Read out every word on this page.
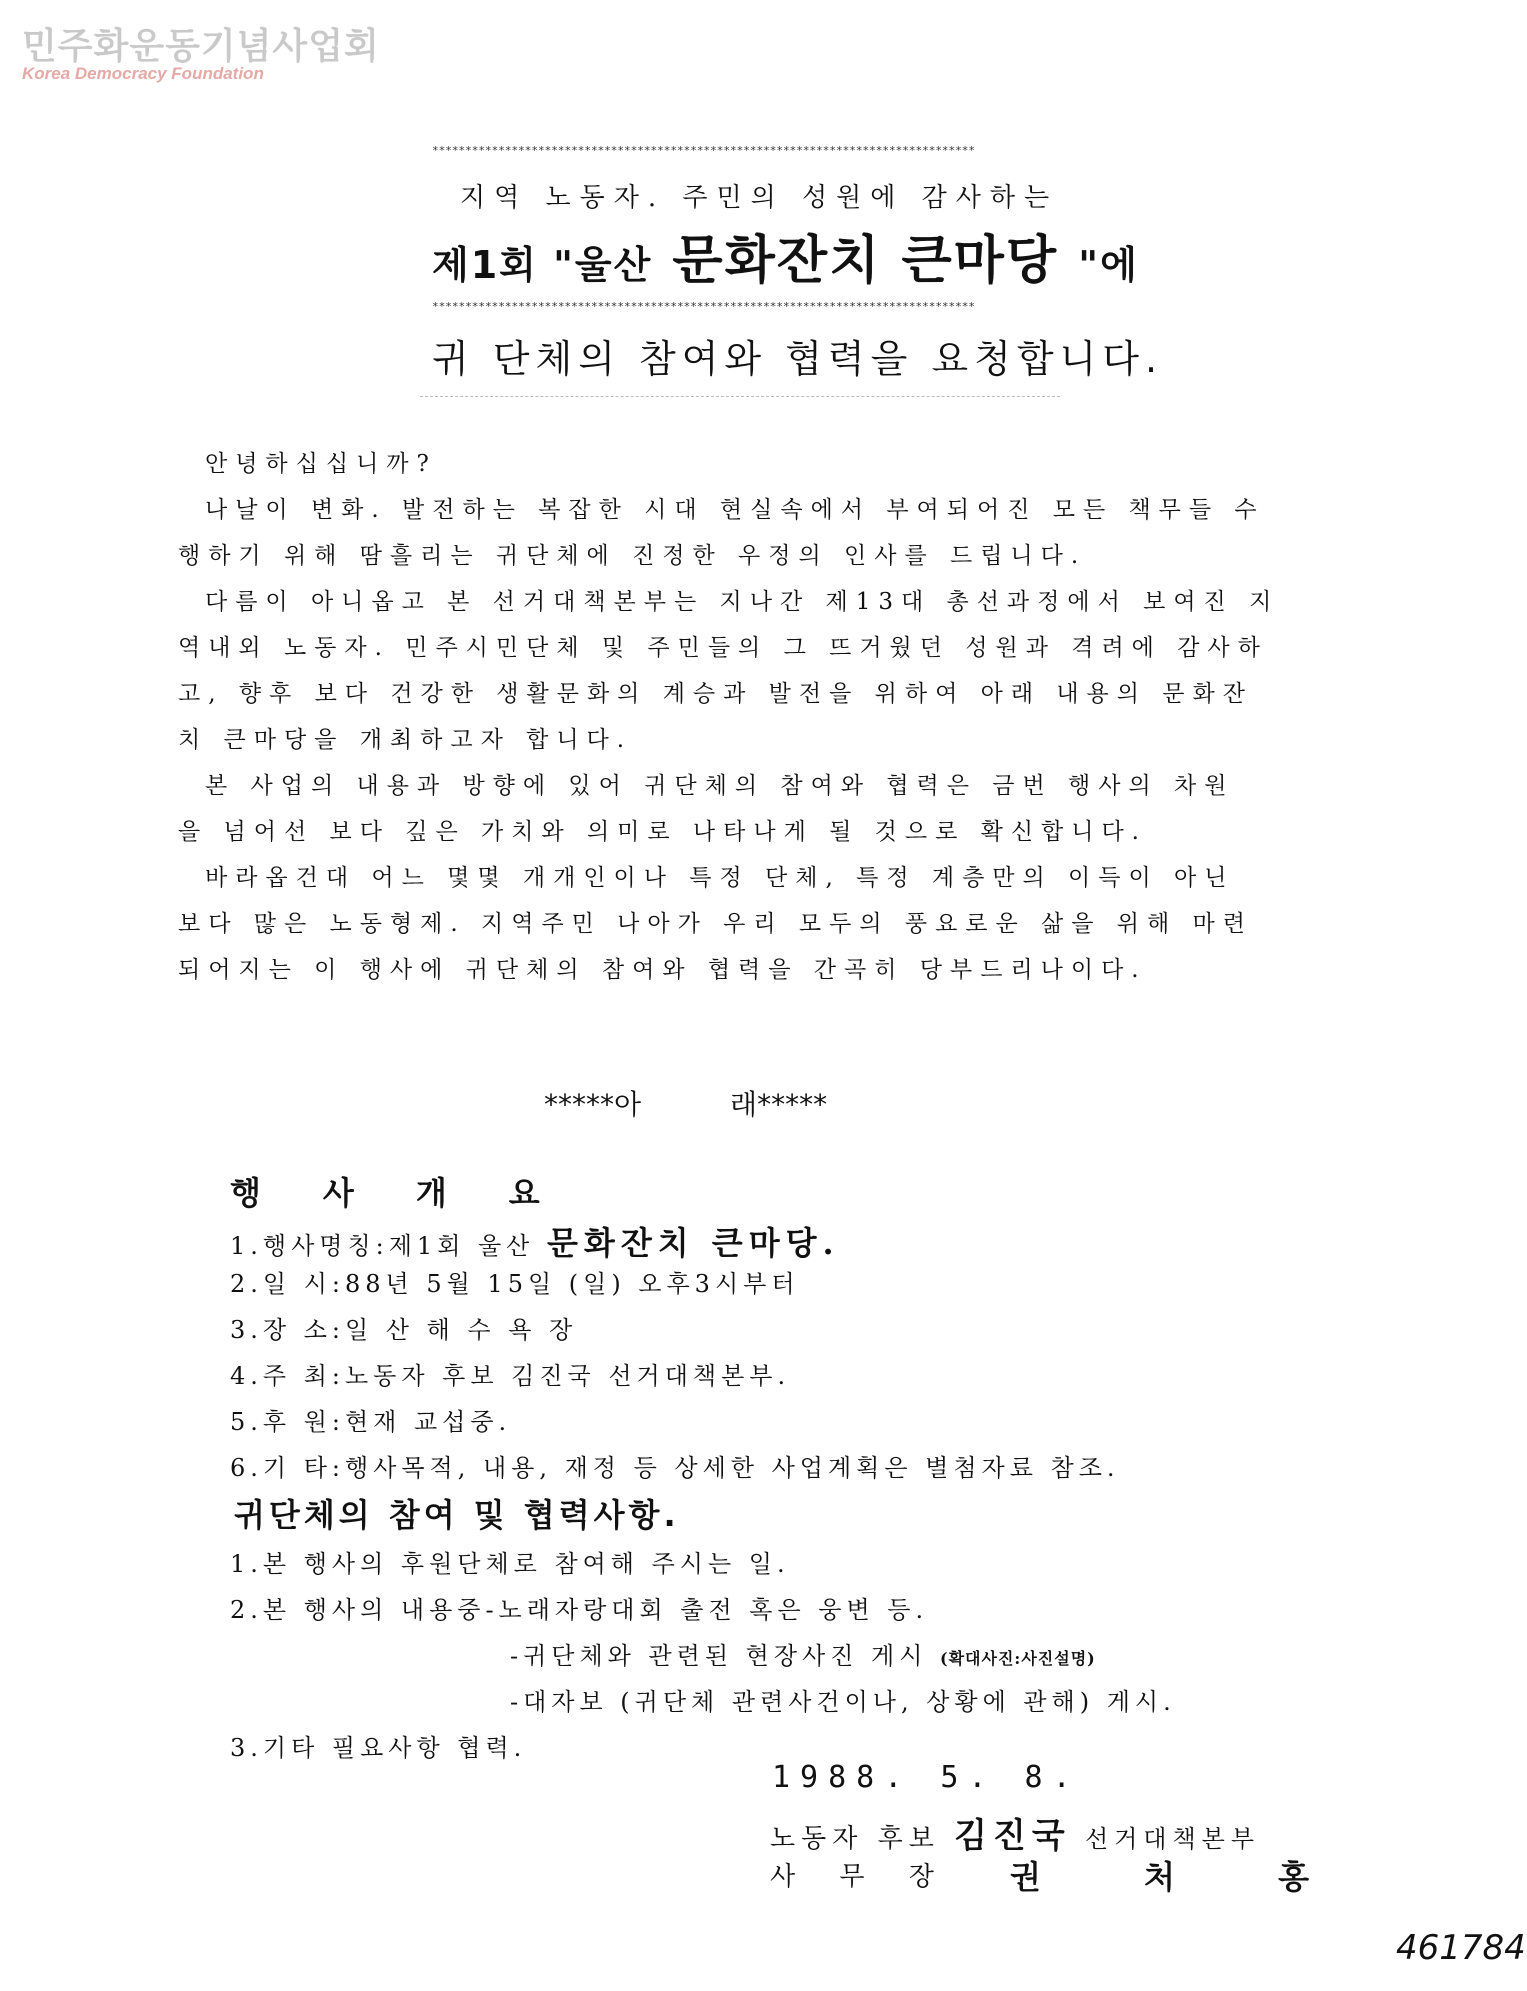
민주화운동기념사업회
Korea Democracy Foundation
**********************************************************************************
지역 노동자. 주민의 성원에 감사하는
제1회 "울산 문화잔치 큰마당 "에
**********************************************************************************
귀 단체의 참여와 협력을 요청합니다.
안녕하십십니까?
나날이 변화. 발전하는 복잡한 시대 현실속에서 부여되어진 모든 책무들 수
행하기 위해 땀흘리는 귀단체에 진정한 우정의 인사를 드립니다.
다름이 아니옵고 본 선거대책본부는 지나간 제13대 총선과정에서 보여진 지
역내외 노동자. 민주시민단체 및 주민들의 그 뜨거웠던 성원과 격려에 감사하
고, 향후 보다 건강한 생활문화의 계승과 발전을 위하여 아래 내용의 문화잔
치 큰마당을 개최하고자 합니다.
본 사업의 내용과 방향에 있어 귀단체의 참여와 협력은 금번 행사의 차원
을 넘어선 보다 깊은 가치와 의미로 나타나게 될 것으로 확신합니다.
바라옵건대 어느 몇몇 개개인이나 특정 단체, 특정 계층만의 이득이 아닌
보다 많은 노동형제. 지역주민 나아가 우리 모두의 풍요로운 삶을 위해 마련
되어지는 이 행사에 귀단체의 참여와 협력을 간곡히 당부드리나이다.
*****아          래*****
행사개요
1.행사명칭:제1회 울산 문화잔치 큰마당.
2.일 시:88년 5월 15일 (일) 오후3시부터
3.장 소:일 산 해 수 욕 장
4.주 최:노동자 후보 김진국 선거대책본부.
5.후 원:현재 교섭중.
6.기 타:행사목적, 내용, 재정 등 상세한 사업계획은 별첨자료 참조.
귀단체의 참여 및 협력사항.
1.본 행사의 후원단체로 참여해 주시는 일.
2.본 행사의 내용중-노래자랑대회 출전 혹은 웅변 등.
-귀단체와 관련된 현장사진 게시 (확대사진:사진설명)
-대자보 (귀단체 관련사건이나, 상황에 관해) 게시.
3.기타 필요사항 협력.
1988. 5. 8.
노동자 후보 김진국 선거대책본부
사 무 장 권 처 홍
461784
